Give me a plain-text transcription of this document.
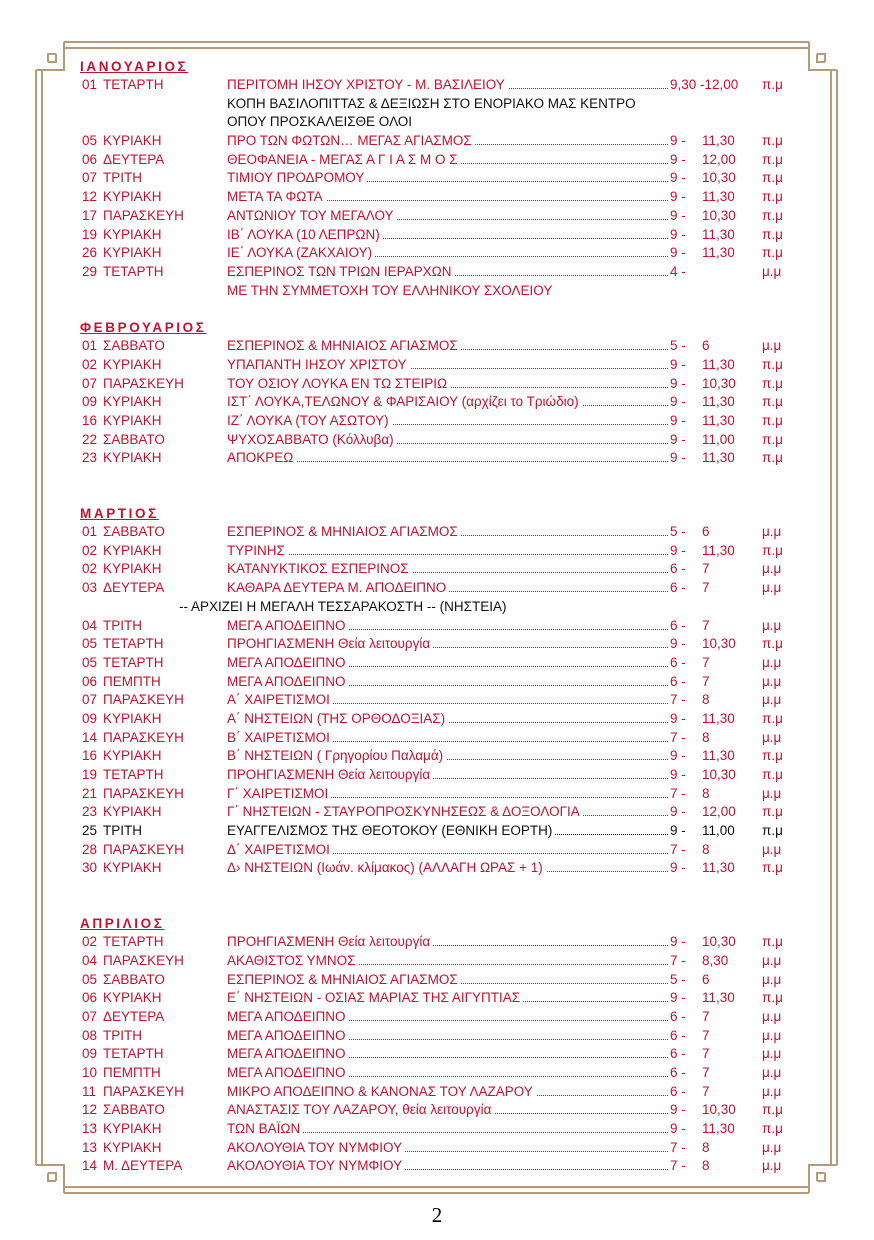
ΙΑΝΟΥΑΡΙΟΣ
01 ΤΕΤΑΡΤΗ	ΠΕΡΙΤΟΜΗ ΙΗΣΟΥ ΧΡΙΣΤΟΥ - Μ. ΒΑΣΙΛΕΙΟΥ	9,30 -12,00 π.μ
ΚΟΠΗ ΒΑΣΙΛΟΠΙΤΤΑΣ & ΔΕΞΙΩΣΗ ΣΤΟ ΕΝΟΡΙΑΚΟ ΜΑΣ ΚΕΝΤΡΟ
ΟΠΟΥ ΠΡΟΣΚΑΛΕΙΣΘΕ ΟΛΟΙ
05 ΚΥΡΙΑΚΗ	ΠΡΟ ΤΩΝ ΦΩΤΩΝ… ΜΕΓΑΣ ΑΓΙΑΣΜΟΣ	9 - 11,30 π.μ
06 ΔΕΥΤΕΡΑ	ΘΕΟΦΑΝΕΙΑ - ΜΕΓΑΣ Α Γ Ι Α Σ Μ Ο Σ	9 - 12,00 π.μ
07 ΤΡΙΤΗ	ΤΙΜΙΟΥ ΠΡΟΔΡΟΜΟΥ	9 - 10,30 π.μ
12 ΚΥΡΙΑΚΗ	ΜΕΤΑ ΤΑ ΦΩΤΑ	9 - 11,30 π.μ
17 ΠΑΡΑΣΚΕΥΗ	ΑΝΤΩΝΙΟΥ ΤΟΥ ΜΕΓΑΛΟΥ	9 - 10,30 π.μ
19 ΚΥΡΙΑΚΗ	ΙΒ΄ ΛΟΥΚΑ (10 ΛΕΠΡΩΝ)	9 - 11,30 π.μ
26 ΚΥΡΙΑΚΗ	ΙΕ΄ ΛΟΥΚΑ (ΖΑΚΧΑΙΟΥ)	9 - 11,30 π.μ
29 ΤΕΤΑΡΤΗ	ΕΣΠΕΡΙΝΟΣ ΤΩΝ ΤΡΙΩΝ ΙΕΡΑΡΧΩΝ	4 -	μ.μ
ΜΕ ΤΗΝ ΣΥΜΜΕΤΟΧΗ ΤΟΥ ΕΛΛΗΝΙΚΟΥ ΣΧΟΛΕΙΟΥ
ΦΕΒΡΟΥΑΡΙΟΣ
01 ΣΑΒΒΑΤΟ	ΕΣΠΕΡΙΝΟΣ & ΜΗΝΙΑΙΟΣ ΑΓΙΑΣΜΟΣ	5 - 6	μ.μ
02 ΚΥΡΙΑΚΗ	ΥΠΑΠΑΝΤΗ ΙΗΣΟΥ ΧΡΙΣΤΟΥ	9 - 11,30 π.μ
07 ΠΑΡΑΣΚΕΥΗ	ΤΟΥ ΟΣΙΟΥ ΛΟΥΚΑ ΕΝ ΤΩ ΣΤΕΙΡΙΩ	9 - 10,30 π.μ
09 ΚΥΡΙΑΚΗ	ΙΣΤ΄ ΛΟΥΚΑ,ΤΕΛΩΝΟΥ & ΦΑΡΙΣΑΙΟΥ (αρχίζει το Τριώδιο)	9 - 11,30 π.μ
16 ΚΥΡΙΑΚΗ	ΙΖ΄ ΛΟΥΚΑ (ΤΟΥ ΑΣΩΤΟΥ)	9 - 11,30 π.μ
22 ΣΑΒΒΑΤΟ	ΨΥΧΟΣΑΒΒΑΤΟ (Κόλλυβα)	9 - 11,00 π.μ
23 ΚΥΡΙΑΚΗ	ΑΠΟΚΡΕΩ	9 - 11,30 π.μ
ΜΑΡΤΙΟΣ
01 ΣΑΒΒΑΤΟ	ΕΣΠΕΡΙΝΟΣ & ΜΗΝΙΑΙΟΣ ΑΓΙΑΣΜΟΣ	5 - 6	μ.μ
02 ΚΥΡΙΑΚΗ	ΤΥΡΙΝΗΣ	9 - 11,30 π.μ
02 ΚΥΡΙΑΚΗ	ΚΑΤΑΝΥΚΤΙΚΟΣ ΕΣΠΕΡΙΝΟΣ	6 - 7	μ.μ
03 ΔΕΥΤΕΡΑ	ΚΑΘΑΡΑ ΔΕΥΤΕΡΑ Μ. ΑΠΟΔΕΙΠΝΟ	6 - 7	μ.μ
-- ΑΡΧΙΖΕΙ Η ΜΕΓΑΛΗ ΤΕΣΣΑΡΑΚΟΣΤΗ -- (ΝΗΣΤΕΙΑ)
04 ΤΡΙΤΗ	ΜΕΓΑ ΑΠΟΔΕΙΠΝΟ	6 - 7	μ.μ
05 ΤΕΤΑΡΤΗ	ΠΡΟΗΓΙΑΣΜΕΝΗ Θεία λειτουργία	9 - 10,30 π.μ
05 ΤΕΤΑΡΤΗ	ΜΕΓΑ ΑΠΟΔΕΙΠΝΟ	6 - 7	μ.μ
06 ΠΕΜΠΤΗ	ΜΕΓΑ ΑΠΟΔΕΙΠΝΟ	6 - 7	μ.μ
07 ΠΑΡΑΣΚΕΥΗ	Α΄ ΧΑΙΡΕΤΙΣΜΟΙ	7 - 8	μ.μ
09 ΚΥΡΙΑΚΗ	Α΄ ΝΗΣΤΕΙΩΝ (ΤΗΣ ΟΡΘΟΔΟΞΙΑΣ)	9 - 11,30 π.μ
14 ΠΑΡΑΣΚΕΥΗ	Β΄ ΧΑΙΡΕΤΙΣΜΟΙ	7 - 8	μ.μ
16 ΚΥΡΙΑΚΗ	Β΄ ΝΗΣΤΕΙΩΝ ( Γρηγορίου Παλαμά)	9 - 11,30 π.μ
19 ΤΕΤΑΡΤΗ	ΠΡΟΗΓΙΑΣΜΕΝΗ Θεία λειτουργία	9 - 10,30 π.μ
21 ΠΑΡΑΣΚΕΥΗ	Γ΄ ΧΑΙΡΕΤΙΣΜΟΙ	7 - 8	μ.μ
23 ΚΥΡΙΑΚΗ	Γ΄ ΝΗΣΤΕΙΩΝ - ΣΤΑΥΡΟΠΡΟΣΚΥΝΗΣΕΩΣ & ΔΟΞΟΛΟΓΙΑ	9 - 12,00 π.μ
25 ΤΡΙΤΗ	ΕΥΑΓΓΕΛΙΣΜΟΣ ΤΗΣ ΘΕΟΤΟΚΟΥ (ΕΘΝΙΚΗ ΕΟΡΤΗ)	9 - 11,00 π.μ
28 ΠΑΡΑΣΚΕΥΗ	Δ΄ ΧΑΙΡΕΤΙΣΜΟΙ	7 - 8	μ.μ
30 ΚΥΡΙΑΚΗ	Δ› ΝΗΣΤΕΙΩΝ (Ιωάν. κλίμακος) (ΑΛΛΑΓΗ ΩΡΑΣ + 1)	9 - 11,30 π.μ
ΑΠΡΙΛΙΟΣ
02 ΤΕΤΑΡΤΗ	ΠΡΟΗΓΙΑΣΜΕΝΗ Θεία λειτουργία	9 - 10,30 π.μ
04 ΠΑΡΑΣΚΕΥΗ	ΑΚΑΘΙΣΤΟΣ ΥΜΝΟΣ	7 - 8,30 μ.μ
05 ΣΑΒΒΑΤΟ	ΕΣΠΕΡΙΝΟΣ & ΜΗΝΙΑΙΟΣ ΑΓΙΑΣΜΟΣ	5 - 6	μ.μ
06 ΚΥΡΙΑΚΗ	Ε΄ ΝΗΣΤΕΙΩΝ - ΟΣΙΑΣ ΜΑΡΙΑΣ ΤΗΣ ΑΙΓΥΠΤΙΑΣ	9 - 11,30 π.μ
07 ΔΕΥΤΕΡΑ	ΜΕΓΑ ΑΠΟΔΕΙΠΝΟ	6 - 7	μ.μ
08 ΤΡΙΤΗ	ΜΕΓΑ ΑΠΟΔΕΙΠΝΟ	6 - 7	μ.μ
09 ΤΕΤΑΡΤΗ	ΜΕΓΑ ΑΠΟΔΕΙΠΝΟ	6 - 7	μ.μ
10 ΠΕΜΠΤΗ	ΜΕΓΑ ΑΠΟΔΕΙΠΝΟ	6 - 7	μ.μ
11 ΠΑΡΑΣΚΕΥΗ	ΜΙΚΡΟ ΑΠΟΔΕΙΠΝΟ & ΚΑΝΟΝΑΣ ΤΟΥ ΛΑΖΑΡΟΥ	6 - 7	μ.μ
12 ΣΑΒΒΑΤΟ	ΑΝΑΣΤΑΣΙΣ ΤΟΥ ΛΑΖΑΡΟΥ, θεία λειτουργία	9 - 10,30 π.μ
13 ΚΥΡΙΑΚΗ	ΤΩΝ ΒΑΪΩΝ	9 - 11,30 π.μ
13 ΚΥΡΙΑΚΗ	ΑΚΟΛΟΥΘΙΑ ΤΟΥ ΝΥΜΦΙΟΥ	7 - 8	μ.μ
14 Μ. ΔΕΥΤΕΡΑ	ΑΚΟΛΟΥΘΙΑ ΤΟΥ ΝΥΜΦΙΟΥ	7 - 8	μ.μ
2
